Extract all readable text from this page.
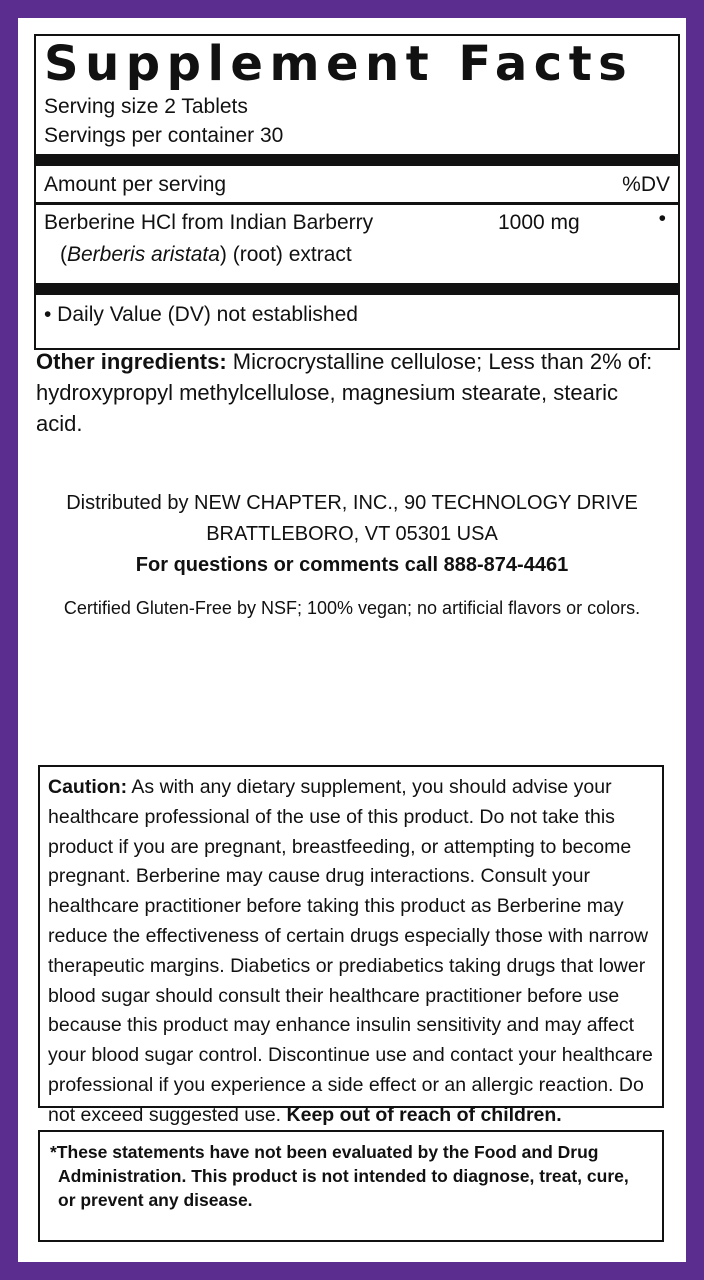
Supplement Facts
Serving size 2 Tablets
Servings per container 30
Amount per serving	%DV
Berberine HCl from Indian Barberry
(Berberis aristata) (root) extract
1000 mg	•
• Daily Value (DV) not established
Other ingredients: Microcrystalline cellulose; Less than 2% of: hydroxypropyl methylcellulose, magnesium stearate, stearic acid.
Distributed by NEW CHAPTER, INC., 90 TECHNOLOGY DRIVE
BRATTLEBORO, VT 05301 USA
For questions or comments call 888-874-4461
Certified Gluten-Free by NSF; 100% vegan; no artificial flavors or colors.
Caution: As with any dietary supplement, you should advise your healthcare professional of the use of this product. Do not take this product if you are pregnant, breastfeeding, or attempting to become pregnant. Berberine may cause drug interactions. Consult your healthcare practitioner before taking this product as Berberine may reduce the effectiveness of certain drugs especially those with narrow therapeutic margins. Diabetics or prediabetics taking drugs that lower blood sugar should consult their healthcare practitioner before use because this product may enhance insulin sensitivity and may affect your blood sugar control. Discontinue use and contact your healthcare professional if you experience a side effect or an allergic reaction. Do not exceed suggested use. Keep out of reach of children.
*These statements have not been evaluated by the Food and Drug
Administration. This product is not intended to diagnose, treat, cure,
or prevent any disease.
